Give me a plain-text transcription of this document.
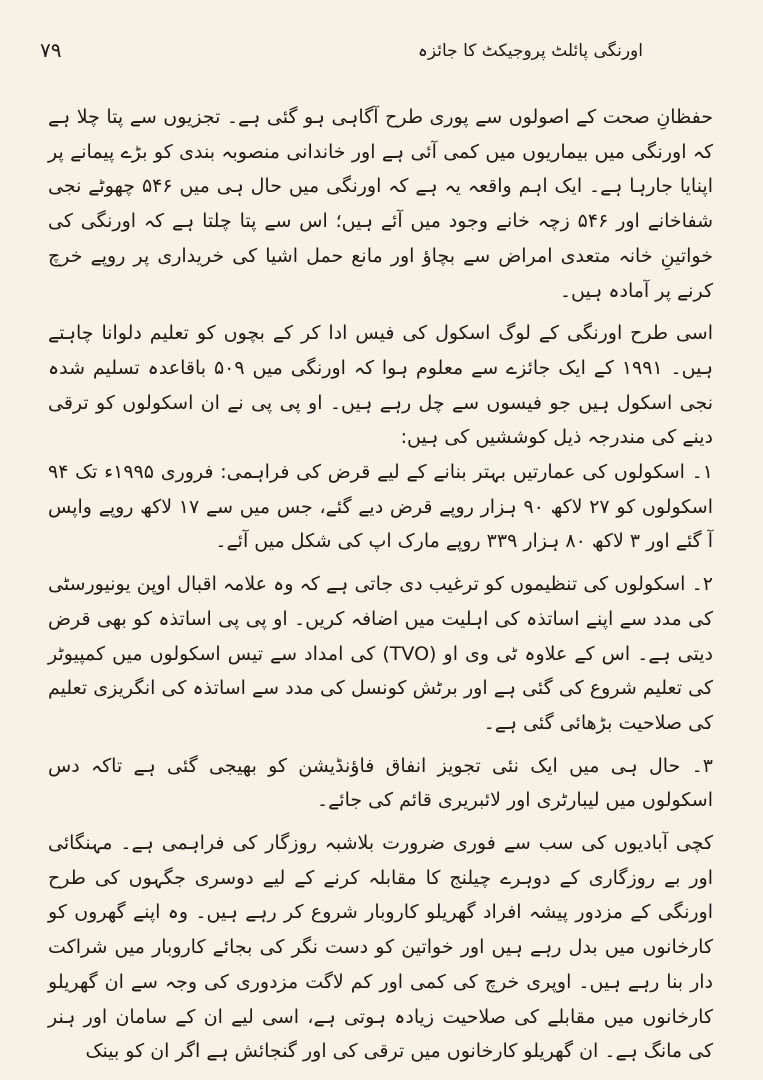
۹۷	اورنگی پائلٹ پروجیکٹ کا جائزہ

حفظانِ صحت کے اصولوں سے پوری طرح آگاہی ہو گئی ہے۔ تجزیوں سے پتا چلا ہے کہ اورنگی میں بیماریوں میں کمی آئی ہے اور خاندانی منصوبہ بندی کو بڑے پیمانے پر اپنایا جارہا ہے۔ ایک اہم واقعہ یہ ہے کہ اورنگی میں حال ہی میں ۵۴۶ چھوٹے نجی شفاخانے اور ۵۴۶ زچہ خانے وجود میں آئے ہیں؛ اس سے پتا چلتا ہے کہ اورنگی کی خواتینِ خانہ متعدی امراض سے بچاؤ اور مانع حمل اشیا کی خریداری پر روپے خرچ کرنے پر آمادہ ہیں۔

اسی طرح اورنگی کے لوگ اسکول کی فیس ادا کر کے بچوں کو تعلیم دلوانا چاہتے ہیں۔ ۱۹۹۱ کے ایک جائزے سے معلوم ہوا کہ اورنگی میں ۵۰۹ باقاعدہ تسلیم شدہ نجی اسکول ہیں جو فیسوں سے چل رہے ہیں۔ او پی پی نے ان اسکولوں کو ترقی دینے کی مندرجہ ذیل کوششیں کی ہیں:

۱۔ اسکولوں کی عمارتیں بہتر بنانے کے لیے قرض کی فراہمی: فروری ۱۹۹۵ء تک ۹۴ اسکولوں کو ۲۷ لاکھ ۹۰ ہزار روپے قرض دیے گئے، جس میں سے ۱۷ لاکھ روپے واپس آ گئے اور ۳ لاکھ ۸۰ ہزار ۳۳۹ روپے مارک اپ کی شکل میں آئے۔

۲۔ اسکولوں کی تنظیموں کو ترغیب دی جاتی ہے کہ وہ علامہ اقبال اوپن یونیورسٹی کی مدد سے اپنے اساتذہ کی اہلیت میں اضافہ کریں۔ او پی پی اساتذہ کو بھی قرض دیتی ہے۔ اس کے علاوہ ٹی وی او (TVO) کی امداد سے تیس اسکولوں میں کمپیوٹر کی تعلیم شروع کی گئی ہے اور برٹش کونسل کی مدد سے اساتذہ کی انگریزی تعلیم کی صلاحیت بڑھائی گئی ہے۔

۳۔ حال ہی میں ایک نئی تجویز انفاق فاؤنڈیشن کو بھیجی گئی ہے تاکہ دس اسکولوں میں لیبارٹری اور لائبریری قائم کی جائے۔

کچی آبادیوں کی سب سے فوری ضرورت بلاشبہ روزگار کی فراہمی ہے۔ مہنگائی اور بے روزگاری کے دوہرے چیلنج کا مقابلہ کرنے کے لیے دوسری جگہوں کی طرح اورنگی کے مزدور پیشہ افراد گھریلو کاروبار شروع کر رہے ہیں۔ وہ اپنے گھروں کو کارخانوں میں بدل رہے ہیں اور خواتین کو دست نگر کی بجائے کاروبار میں شراکت دار بنا رہے ہیں۔ اوپری خرچ کی کمی اور کم لاگت مزدوری کی وجہ سے ان گھریلو کارخانوں میں مقابلے کی صلاحیت زیادہ ہوتی ہے، اسی لیے ان کے سامان اور ہنر کی مانگ ہے۔ ان گھریلو کارخانوں میں ترقی کی اور گنجائش ہے اگر ان کو بینک
